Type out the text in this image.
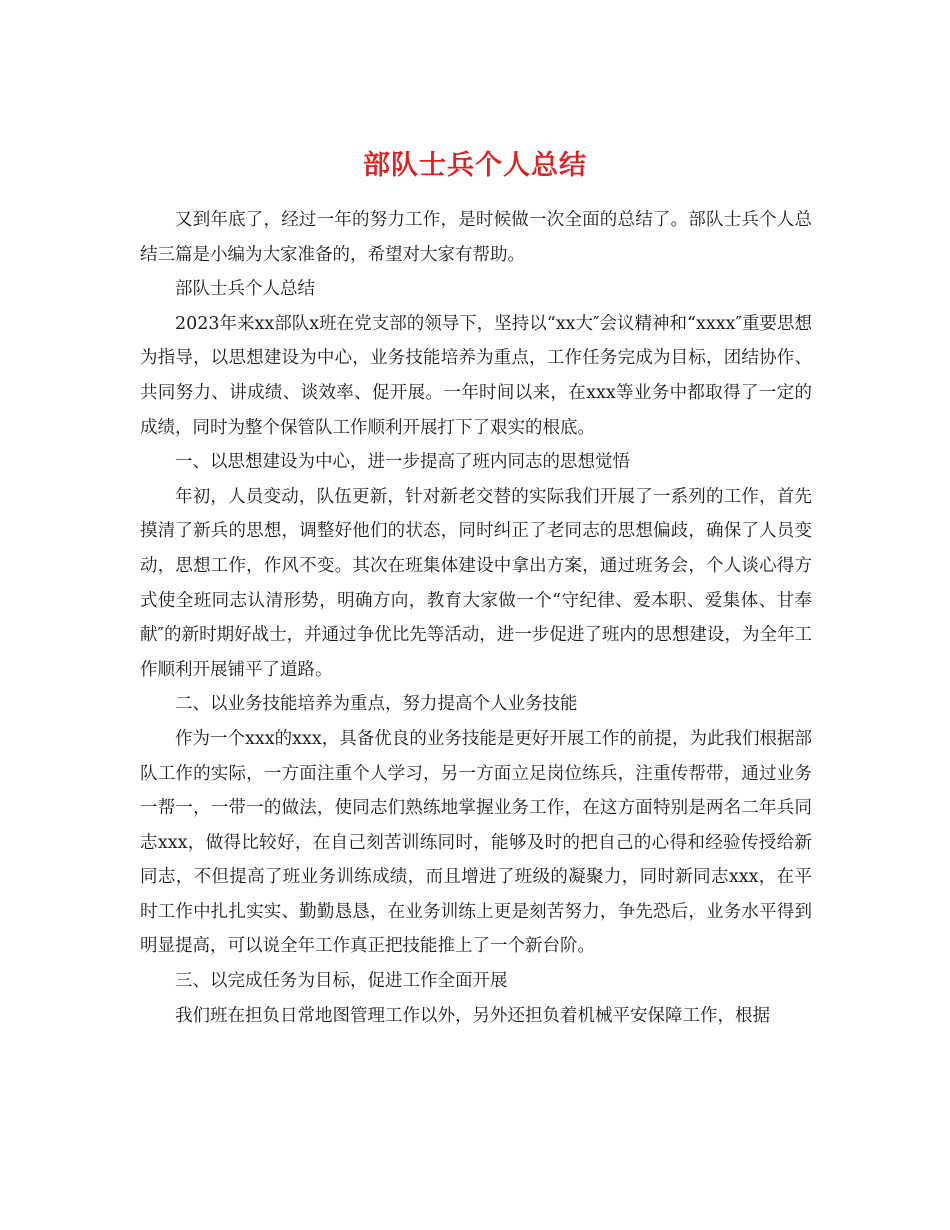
部队士兵个人总结

又到年底了，经过一年的努力工作，是时候做一次全面的总结了。部队士兵个人总结三篇是小编为大家准备的，希望对大家有帮助。

部队士兵个人总结

2023年来xx部队x班在党支部的领导下，坚持以“xx大″会议精神和“xxxx″重要思想为指导，以思想建设为中心，业务技能培养为重点，工作任务完成为目标，团结协作、共同努力、讲成绩、谈效率、促开展。一年时间以来，在xxx等业务中都取得了一定的成绩，同时为整个保管队工作顺利开展打下了艰实的根底。

一、以思想建设为中心，进一步提高了班内同志的思想觉悟

年初，人员变动，队伍更新，针对新老交替的实际我们开展了一系列的工作，首先摸清了新兵的思想，调整好他们的状态，同时纠正了老同志的思想偏歧，确保了人员变动，思想工作，作风不变。其次在班集体建设中拿出方案，通过班务会，个人谈心得方式使全班同志认清形势，明确方向，教育大家做一个“守纪律、爱本职、爱集体、甘奉献″的新时期好战士，并通过争优比先等活动，进一步促进了班内的思想建设，为全年工作顺利开展铺平了道路。

二、以业务技能培养为重点，努力提高个人业务技能

作为一个xxx的xxx，具备优良的业务技能是更好开展工作的前提，为此我们根据部队工作的实际，一方面注重个人学习，另一方面立足岗位练兵，注重传帮带，通过业务一帮一，一带一的做法，使同志们熟练地掌握业务工作，在这方面特别是两名二年兵同志xxx，做得比较好，在自己刻苦训练同时，能够及时的把自己的心得和经验传授给新同志，不但提高了班业务训练成绩，而且增进了班级的凝聚力，同时新同志xxx，在平时工作中扎扎实实、勤勤恳恳，在业务训练上更是刻苦努力，争先恐后，业务水平得到明显提高，可以说全年工作真正把技能推上了一个新台阶。

三、以完成任务为目标，促进工作全面开展

我们班在担负日常地图管理工作以外，另外还担负着机械平安保障工作，根据
